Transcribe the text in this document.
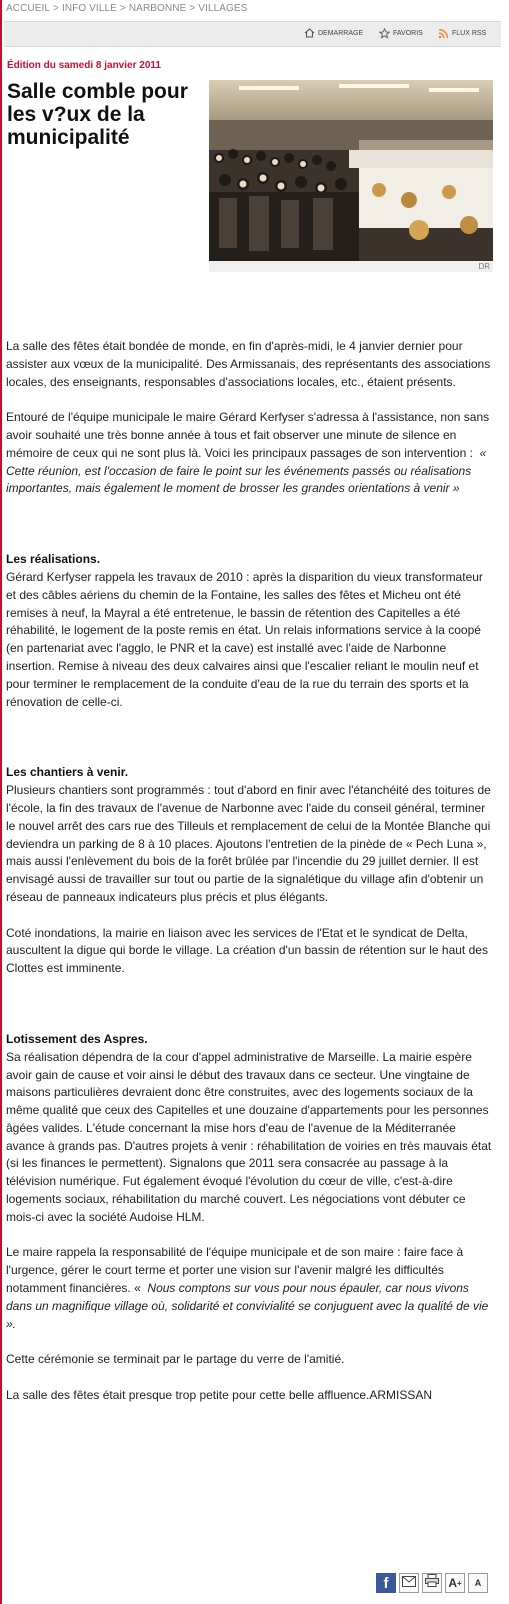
ACCUEIL > INFO VILLE > NARBONNE > VILLAGES
DEMARRAGE	FAVORIS	FLUX RSS
Édition du samedi 8 janvier 2011
Salle comble pour les v?ux de la municipalité
DR

La salle des fêtes était bondée de monde, en fin d'après-midi, le 4 janvier dernier pour assister aux vœux de la municipalité. Des Armissanais, des représentants des associations locales, des enseignants, responsables d'associations locales, etc., étaient présents.

Entouré de l'équipe municipale le maire Gérard Kerfyser s'adressa à l'assistance, non sans avoir souhaité une très bonne année à tous et fait observer une minute de silence en mémoire de ceux qui ne sont plus là. Voici les principaux passages de son intervention : « Cette réunion, est l'occasion de faire le point sur les événements passés ou réalisations importantes, mais également le moment de brosser les grandes orientations à venir »

Les réalisations.

Gérard Kerfyser rappela les travaux de 2010 : après la disparition du vieux transformateur et des câbles aériens du chemin de la Fontaine, les salles des fêtes et Micheu ont été remises à neuf, la Mayral a été entretenue, le bassin de rétention des Capitelles a été réhabilité, le logement de la poste remis en état. Un relais informations service à la coopé (en partenariat avec l'agglo, le PNR et la cave) est installé avec l'aide de Narbonne insertion. Remise à niveau des deux calvaires ainsi que l'escalier reliant le moulin neuf et pour terminer le remplacement de la conduite d'eau de la rue du terrain des sports et la rénovation de celle-ci.

Les chantiers à venir.

Plusieurs chantiers sont programmés : tout d'abord en finir avec l'étanchéité des toitures de l'école, la fin des travaux de l'avenue de Narbonne avec l'aide du conseil général, terminer le nouvel arrêt des cars rue des Tilleuls et remplacement de celui de la Montée Blanche qui deviendra un parking de 8 à 10 places. Ajoutons l'entretien de la pinède de « Pech Luna », mais aussi l'enlèvement du bois de la forêt brûlée par l'incendie du 29 juillet dernier. Il est envisagé aussi de travailler sur tout ou partie de la signalétique du village afin d'obtenir un réseau de panneaux indicateurs plus précis et plus élégants.

Coté inondations, la mairie en liaison avec les services de l'Etat et le syndicat de Delta, auscultent la digue qui borde le village. La création d'un bassin de rétention sur le haut des Clottes est imminente.

Lotissement des Aspres.

Sa réalisation dépendra de la cour d'appel administrative de Marseille. La mairie espère avoir gain de cause et voir ainsi le début des travaux dans ce secteur. Une vingtaine de maisons particulières devraient donc être construites, avec des logements sociaux de la même qualité que ceux des Capitelles et une douzaine d'appartements pour les personnes âgées valides. L'étude concernant la mise hors d'eau de l'avenue de la Méditerranée avance à grands pas. D'autres projets à venir : réhabilitation de voiries en très mauvais état (si les finances le permettent). Signalons que 2011 sera consacrée au passage à la télévision numérique. Fut également évoqué l'évolution du cœur de ville, c'est-à-dire logements sociaux, réhabilitation du marché couvert. Les négociations vont débuter ce mois-ci avec la société Audoise HLM.

Le maire rappela la responsabilité de l'équipe municipale et de son maire : faire face à l'urgence, gérer le court terme et porter une vision sur l'avenir malgré les difficultés notamment financières. « Nous comptons sur vous pour nous épauler, car nous vivons dans un magnifique village où, solidarité et convivialité se conjuguent avec la qualité de vie ».

Cette cérémonie se terminait par le partage du verre de l'amitié.

La salle des fêtes était presque trop petite pour cette belle affluence.ARMISSAN

f	A + A
